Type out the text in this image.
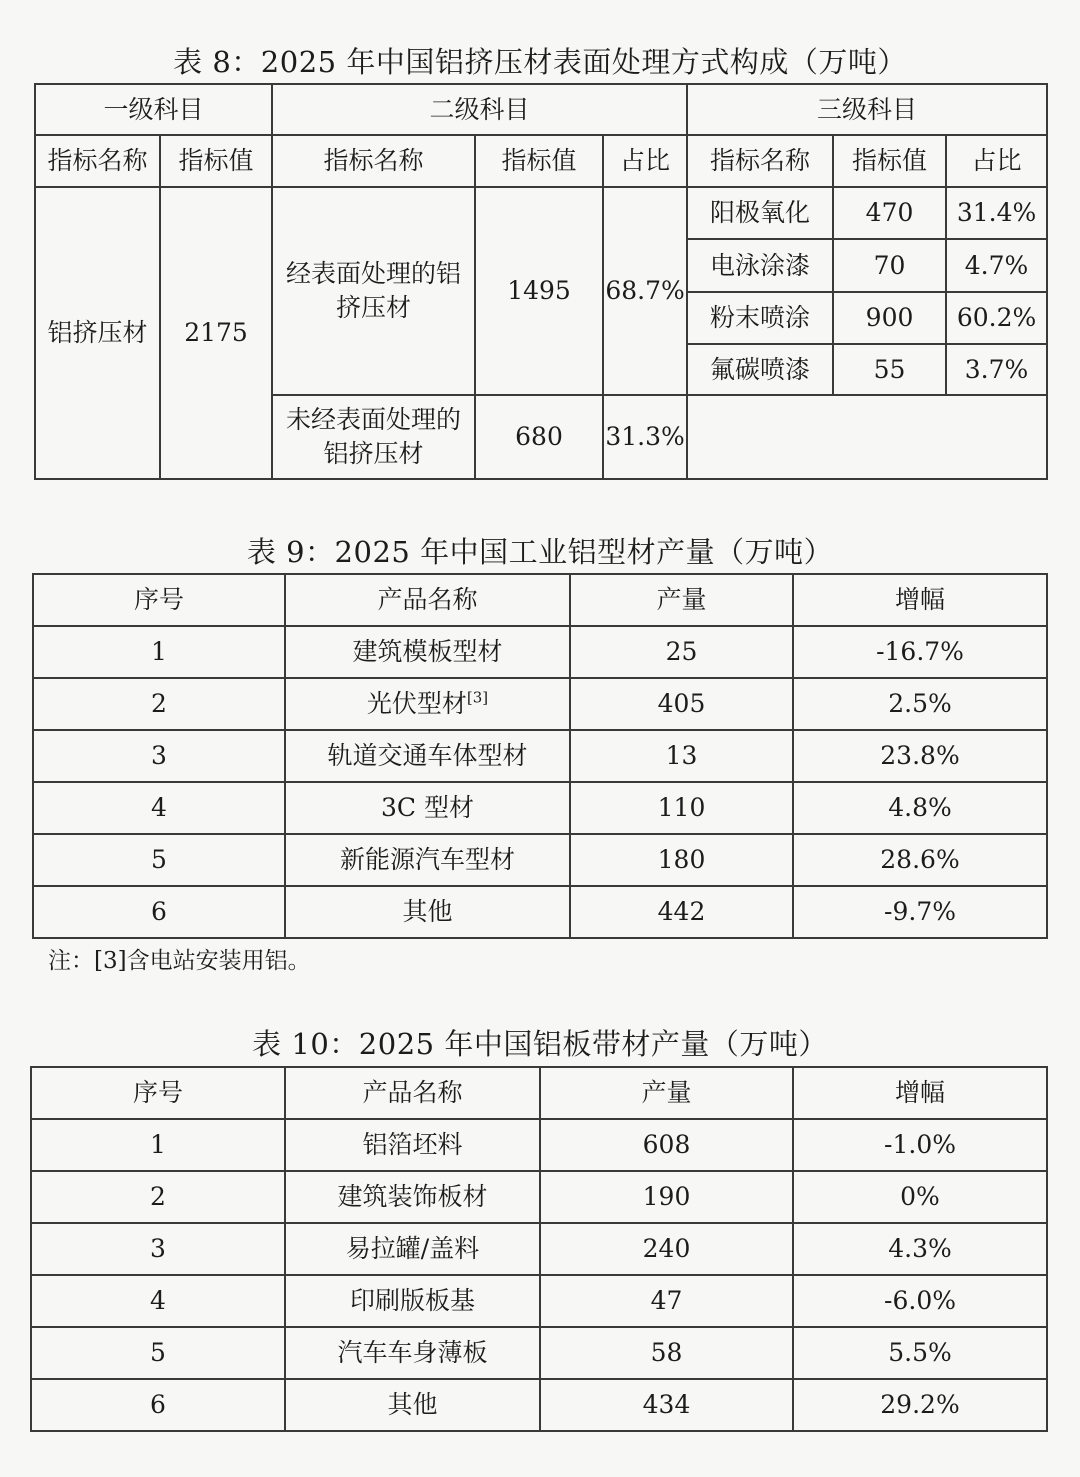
表 8：2025 年中国铝挤压材表面处理方式构成（万吨）
一级科目		二级科目			三级科目		
指标名称	指标值	指标名称	指标值	占比	指标名称	指标值	占比
铝挤压材	2175	经表面处理的铝挤压材	1495	68.7%	阳极氧化	470	31.4%
					电泳涂漆	70	4.7%
					粉末喷涂	900	60.2%
					氟碳喷漆	55	3.7%
		未经表面处理的铝挤压材	680	31.3%			
表 9：2025 年中国工业铝型材产量（万吨）
序号	产品名称	产量	增幅
1	建筑模板型材	25	-16.7%
2	光伏型材[3]	405	2.5%
3	轨道交通车体型材	13	23.8%
4	3C 型材	110	4.8%
5	新能源汽车型材	180	28.6%
6	其他	442	-9.7%
注：[3]含电站安装用铝。
表 10：2025 年中国铝板带材产量（万吨）
序号	产品名称	产量	增幅
1	铝箔坯料	608	-1.0%
2	建筑装饰板材	190	0%
3	易拉罐/盖料	240	4.3%
4	印刷版板基	47	-6.0%
5	汽车车身薄板	58	5.5%
6	其他	434	29.2%
